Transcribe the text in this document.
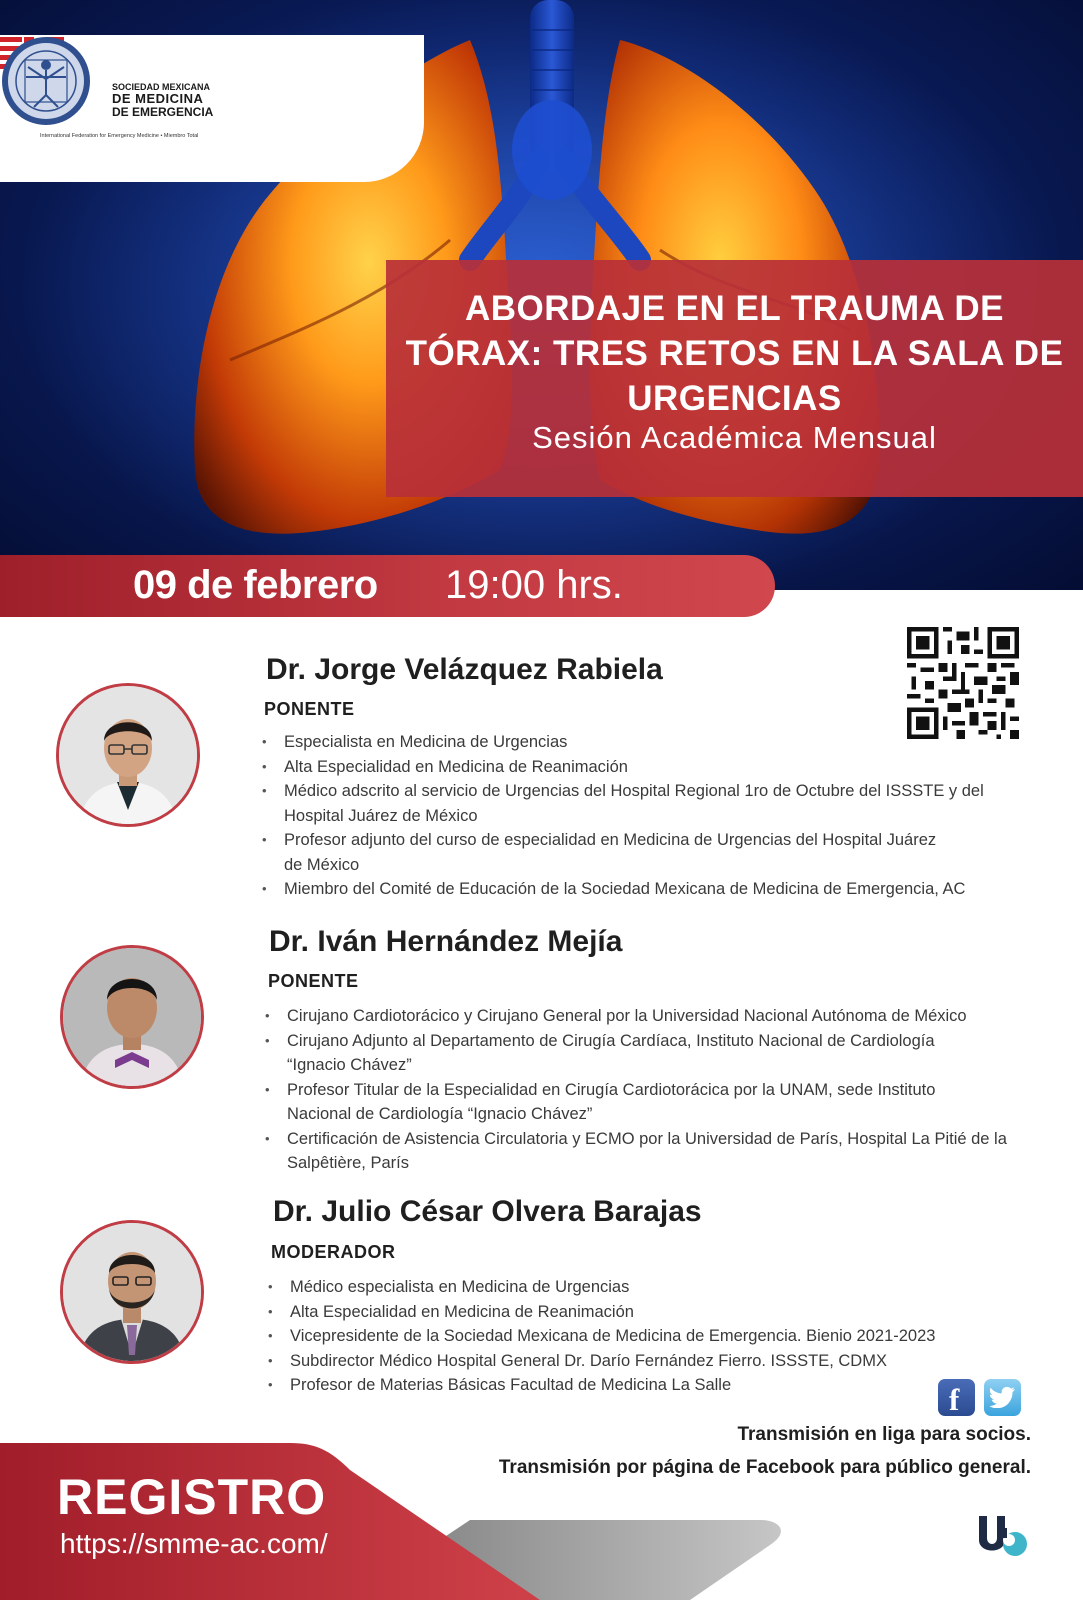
SOCIEDAD MEXICANA
DE MEDICINA
DE EMERGENCIA
International Federation for Emergency Medicine • Miembro Total
ABORDAJE EN EL TRAUMA DE TÓRAX: TRES RETOS EN LA SALA DE URGENCIAS
Sesión Académica Mensual
09 de febrero 19:00 hrs.
Dr. Jorge Velázquez Rabiela
PONENTE
• Especialista en Medicina de Urgencias
• Alta Especialidad en Medicina de Reanimación
• Médico adscrito al servicio de Urgencias del Hospital Regional 1ro de Octubre del ISSSTE y del Hospital Juárez de México
• Profesor adjunto del curso de especialidad en Medicina de Urgencias del Hospital Juárez de México
• Miembro del Comité de Educación de la Sociedad Mexicana de Medicina de Emergencia, AC
Dr. Iván Hernández Mejía
PONENTE
• Cirujano Cardiotorácico y Cirujano General por la Universidad Nacional Autónoma de México
• Cirujano Adjunto al Departamento de Cirugía Cardíaca, Instituto Nacional de Cardiología “Ignacio Chávez”
• Profesor Titular de la Especialidad en Cirugía Cardiotorácica por la UNAM, sede Instituto Nacional de Cardiología “Ignacio Chávez”
• Certificación de Asistencia Circulatoria y ECMO por la Universidad de París, Hospital La Pitié de la Salpêtière, París
Dr. Julio César Olvera Barajas
MODERADOR
• Médico especialista en Medicina de Urgencias
• Alta Especialidad en Medicina de Reanimación
• Vicepresidente de la Sociedad Mexicana de Medicina de Emergencia. Bienio 2021-2023
• Subdirector Médico Hospital General Dr. Darío Fernández Fierro. ISSSTE, CDMX
• Profesor de Materias Básicas Facultad de Medicina La Salle	f
Transmisión en liga para socios.
Transmisión por página de Facebook para público general.
REGISTRO
https://smme-ac.com/
